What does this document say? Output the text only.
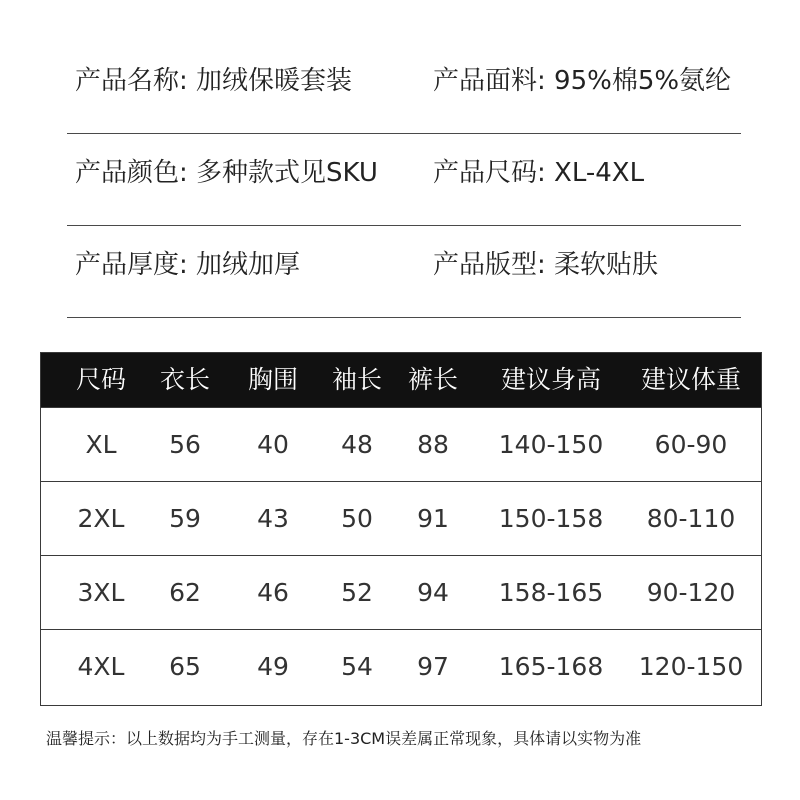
产品名称: 加绒保暖套装	产品面料: 95%棉5%氨纶
产品颜色: 多种款式见SKU 产品尺码: XL-4XL
产品厚度: 加绒加厚	产品版型: 柔软贴肤
尺码	衣长	胸围	袖长	裤长	建议身高	建议体重
XL	56	40	48	88	140-150	60-90
2XL	59	43	50	91	150-158	80-110
3XL	62	46	52	94	158-165	90-120
4XL	65	49	54	97	165-168	120-150
温馨提示：以上数据均为手工测量，存在1-3CM误差属正常现象，具体请以实物为准
